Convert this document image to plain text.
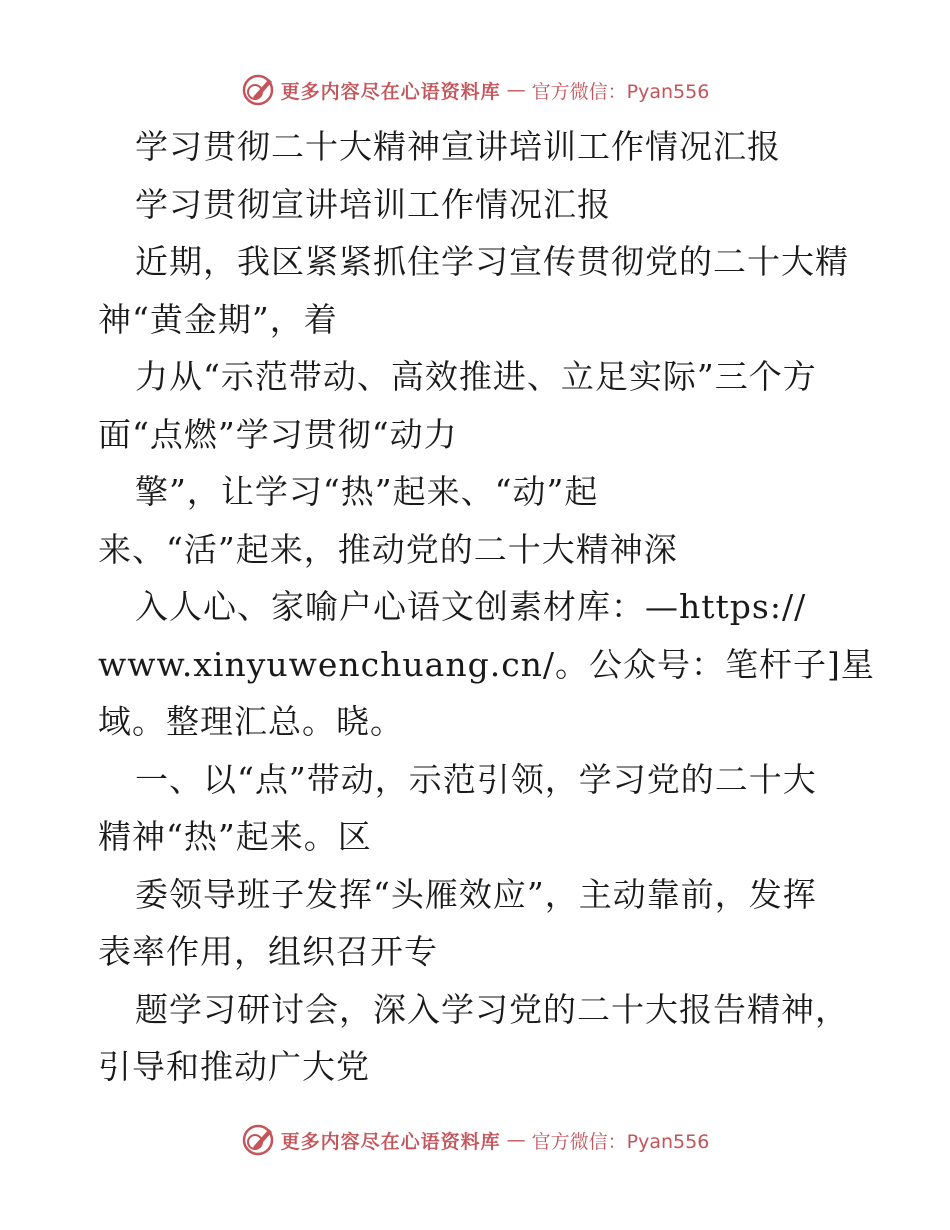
更多内容尽在心语资料库 — 官方微信：Pyan556
学习贯彻二十大精神宣讲培训工作情况汇报
学习贯彻宣讲培训工作情况汇报
近期，我区紧紧抓住学习宣传贯彻党的二十大精
神“黄金期”，着
力从“示范带动、高效推进、立足实际”三个方
面“点燃”学习贯彻“动力
擎”，让学习“热”起来、“动”起
来、“活”起来，推动党的二十大精神深
入人心、家喻户心语文创素材库：—https://
www.xinyuwenchuang.cn/。公众号：笔杆子]星
域。整理汇总。晓。
一、以“点”带动，示范引领，学习党的二十大
精神“热”起来。区
委领导班子发挥“头雁效应”，主动靠前，发挥
表率作用，组织召开专
题学习研讨会，深入学习党的二十大报告精神，
引导和推动广大党
更多内容尽在心语资料库 — 官方微信：Pyan556
